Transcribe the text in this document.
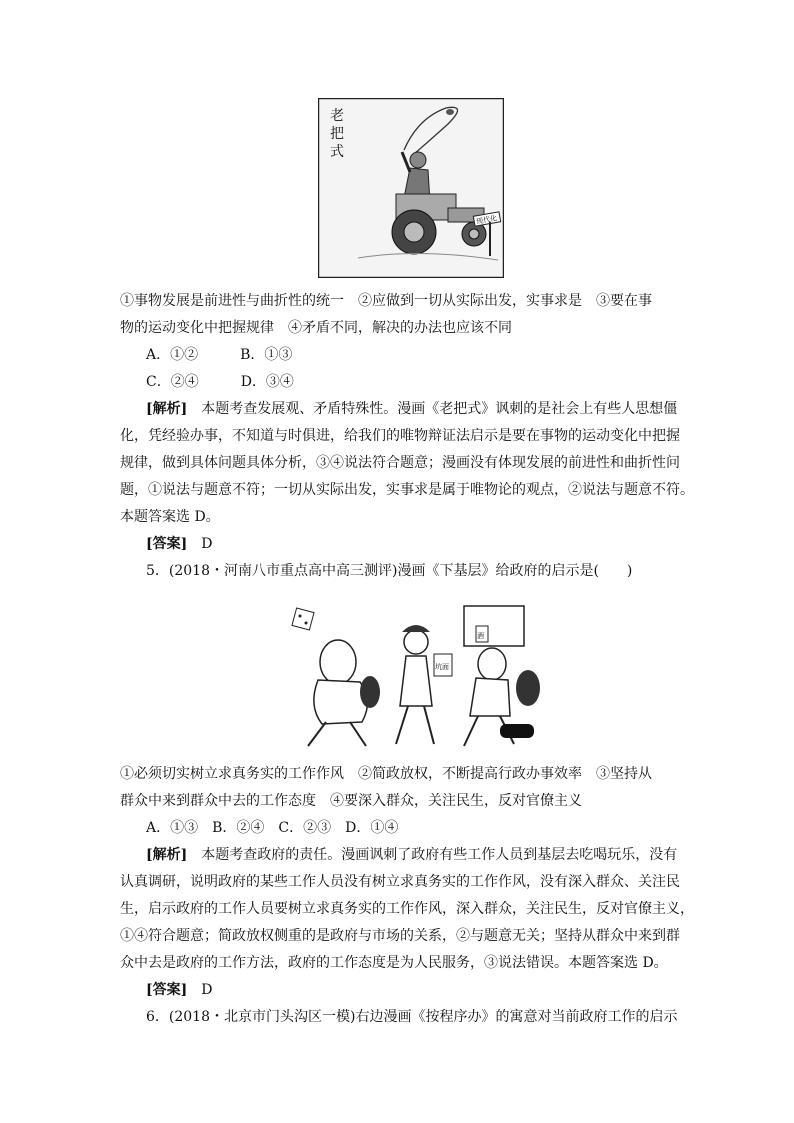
老
把
式
现代化
①事物发展是前进性与曲折性的统一　②应做到一切从实际出发，实事求是　③要在事
物的运动变化中把握规律　④矛盾不同，解决的办法也应该不同
A．①②　　　B．①③
C．②④　　　D．③④
[解析]　本题考查发展观、矛盾特殊性。漫画《老把式》讽刺的是社会上有些人思想僵
化，凭经验办事，不知道与时俱进，给我们的唯物辩证法启示是要在事物的运动变化中把握
规律，做到具体问题具体分析，③④说法符合题意；漫画没有体现发展的前进性和曲折性问
题，①说法与题意不符；一切从实际出发，实事求是属于唯物论的观点，②说法与题意不符。
本题答案选 D。
[答案]　D
5．(2018・河南八市重点高中高三测评)漫画《下基层》给政府的启示是(　　)
坑面
酒
①必须切实树立求真务实的工作作风　②简政放权，不断提高行政办事效率　③坚持从
群众中来到群众中去的工作态度　④要深入群众，关注民生，反对官僚主义
A．①③　B．②④　C．②③　D．①④
[解析]　本题考查政府的责任。漫画讽刺了政府有些工作人员到基层去吃喝玩乐，没有
认真调研，说明政府的某些工作人员没有树立求真务实的工作作风，没有深入群众、关注民
生，启示政府的工作人员要树立求真务实的工作作风，深入群众，关注民生，反对官僚主义，
①④符合题意；简政放权侧重的是政府与市场的关系，②与题意无关；坚持从群众中来到群
众中去是政府的工作方法，政府的工作态度是为人民服务，③说法错误。本题答案选 D。
[答案]　D
6．(2018・北京市门头沟区一模)右边漫画《按程序办》的寓意对当前政府工作的启示
